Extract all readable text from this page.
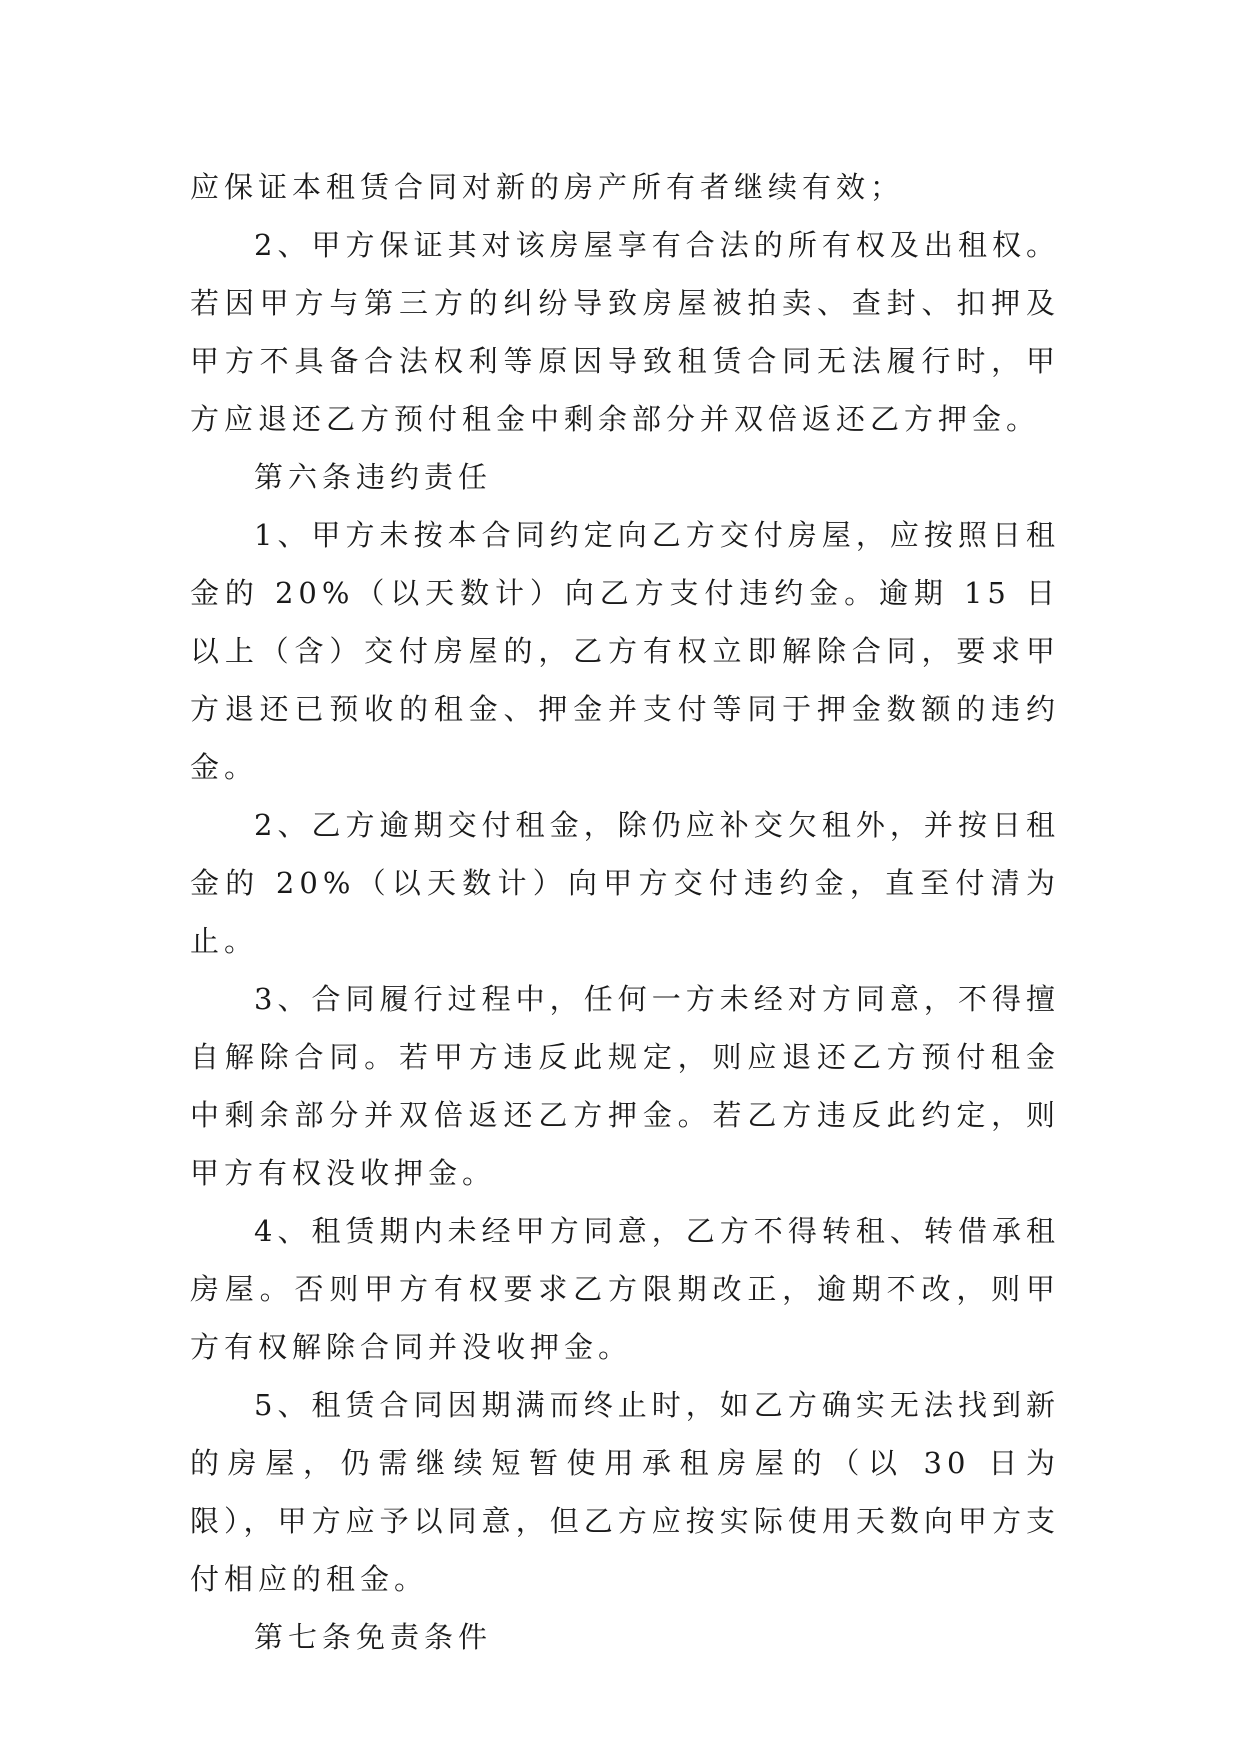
应保证本租赁合同对新的房产所有者继续有效；

2、甲方保证其对该房屋享有合法的所有权及出租权。若因甲方与第三方的纠纷导致房屋被拍卖、查封、扣押及甲方不具备合法权利等原因导致租赁合同无法履行时，甲方应退还乙方预付租金中剩余部分并双倍返还乙方押金。

第六条违约责任

1、甲方未按本合同约定向乙方交付房屋，应按照日租金的 20%（以天数计）向乙方支付违约金。逾期 15 日以上（含）交付房屋的，乙方有权立即解除合同，要求甲方退还已预收的租金、押金并支付等同于押金数额的违约金。

2、乙方逾期交付租金，除仍应补交欠租外，并按日租金的 20%（以天数计）向甲方交付违约金，直至付清为止。

3、合同履行过程中，任何一方未经对方同意，不得擅自解除合同。若甲方违反此规定，则应退还乙方预付租金中剩余部分并双倍返还乙方押金。若乙方违反此约定，则甲方有权没收押金。

4、租赁期内未经甲方同意，乙方不得转租、转借承租房屋。否则甲方有权要求乙方限期改正，逾期不改，则甲方有权解除合同并没收押金。

5、租赁合同因期满而终止时，如乙方确实无法找到新的房屋，仍需继续短暂使用承租房屋的（以 30 日为限），甲方应予以同意，但乙方应按实际使用天数向甲方支付相应的租金。

第七条免责条件
